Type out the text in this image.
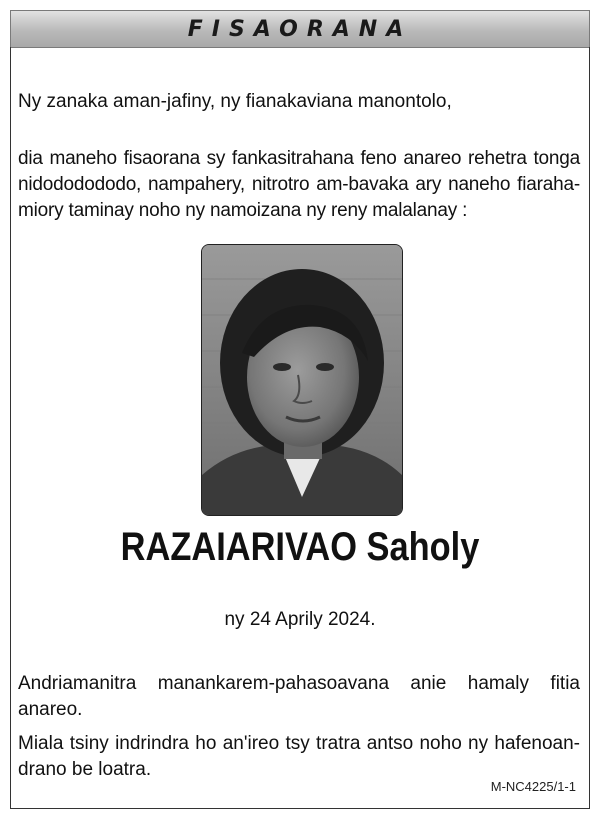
FISAORANA
Ny zanaka aman-jafiny, ny fianakaviana manontolo,
dia maneho fisaorana sy fankasitrahana feno anareo rehetra tonga nidododododo, nampahery, nitrotro am-bavaka ary naneho fiaraha-miory taminay noho ny namoizana ny reny malalanay :
RAZAIARIVAO Saholy
ny 24 Aprily 2024.
Andriamanitra manankarem-pahasoavana anie hamaly fitia anareo.
Miala tsiny indrindra ho an'ireo tsy tratra antso noho ny hafenoan-drano be loatra.
M-NC4225/1-1
